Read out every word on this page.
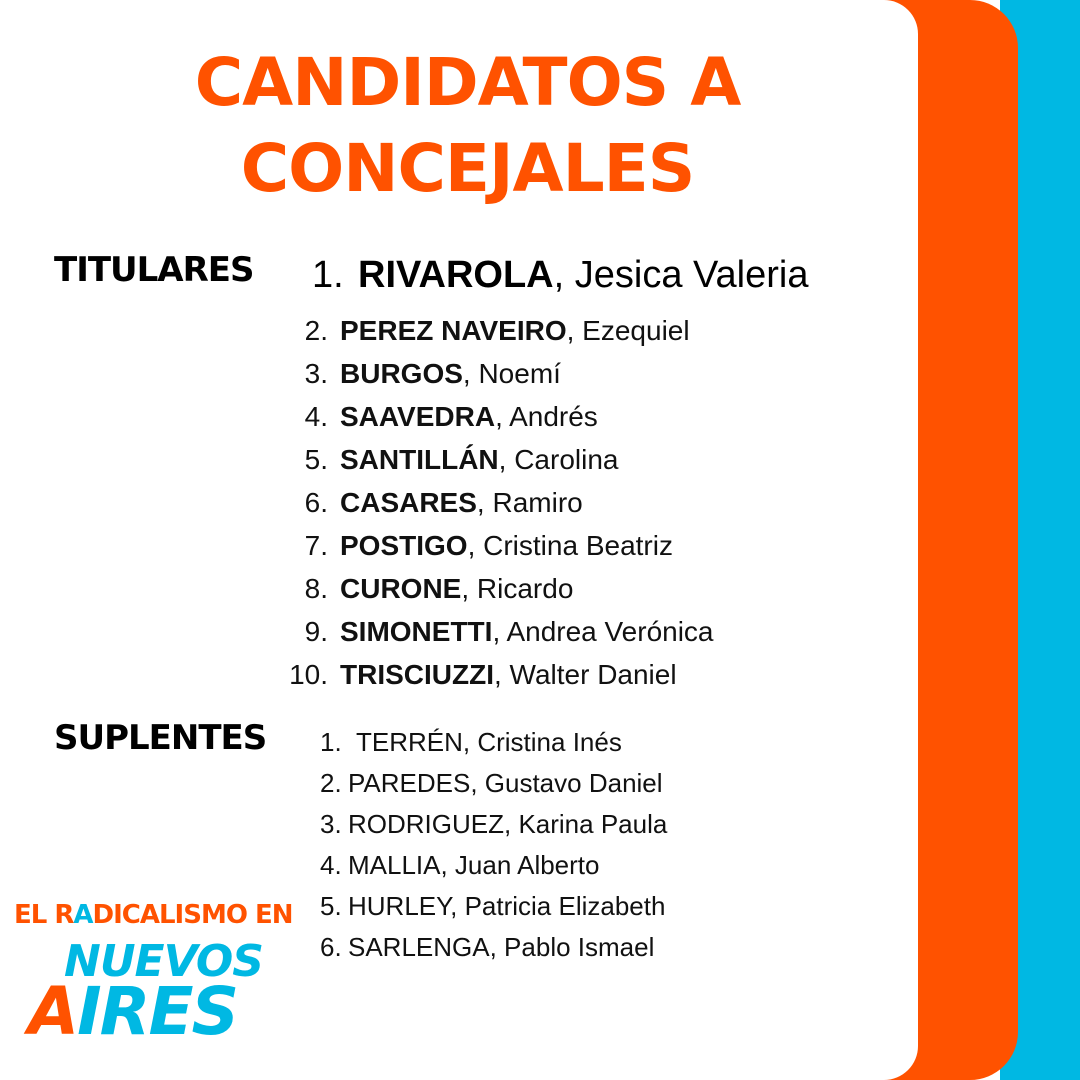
CANDIDATOS A
CONCEJALES
TITULARES 1. RIVAROLA, Jesica Valeria
2. PEREZ NAVEIRO, Ezequiel
3. BURGOS, Noemí
4. SAAVEDRA, Andrés
5. SANTILLÁN, Carolina
6. CASARES, Ramiro
7. POSTIGO, Cristina Beatriz
8. CURONE, Ricardo
9. SIMONETTI, Andrea Verónica
10. TRISCIUZZI, Walter Daniel
SUPLENTES 1. TERRÉN, Cristina Inés
2. PAREDES, Gustavo Daniel
3. RODRIGUEZ, Karina Paula
4. MALLIA, Juan Alberto
5. HURLEY, Patricia Elizabeth
6. SARLENGA, Pablo Ismael
EL RADICALISMO EN
NUEVOS
AIRES
